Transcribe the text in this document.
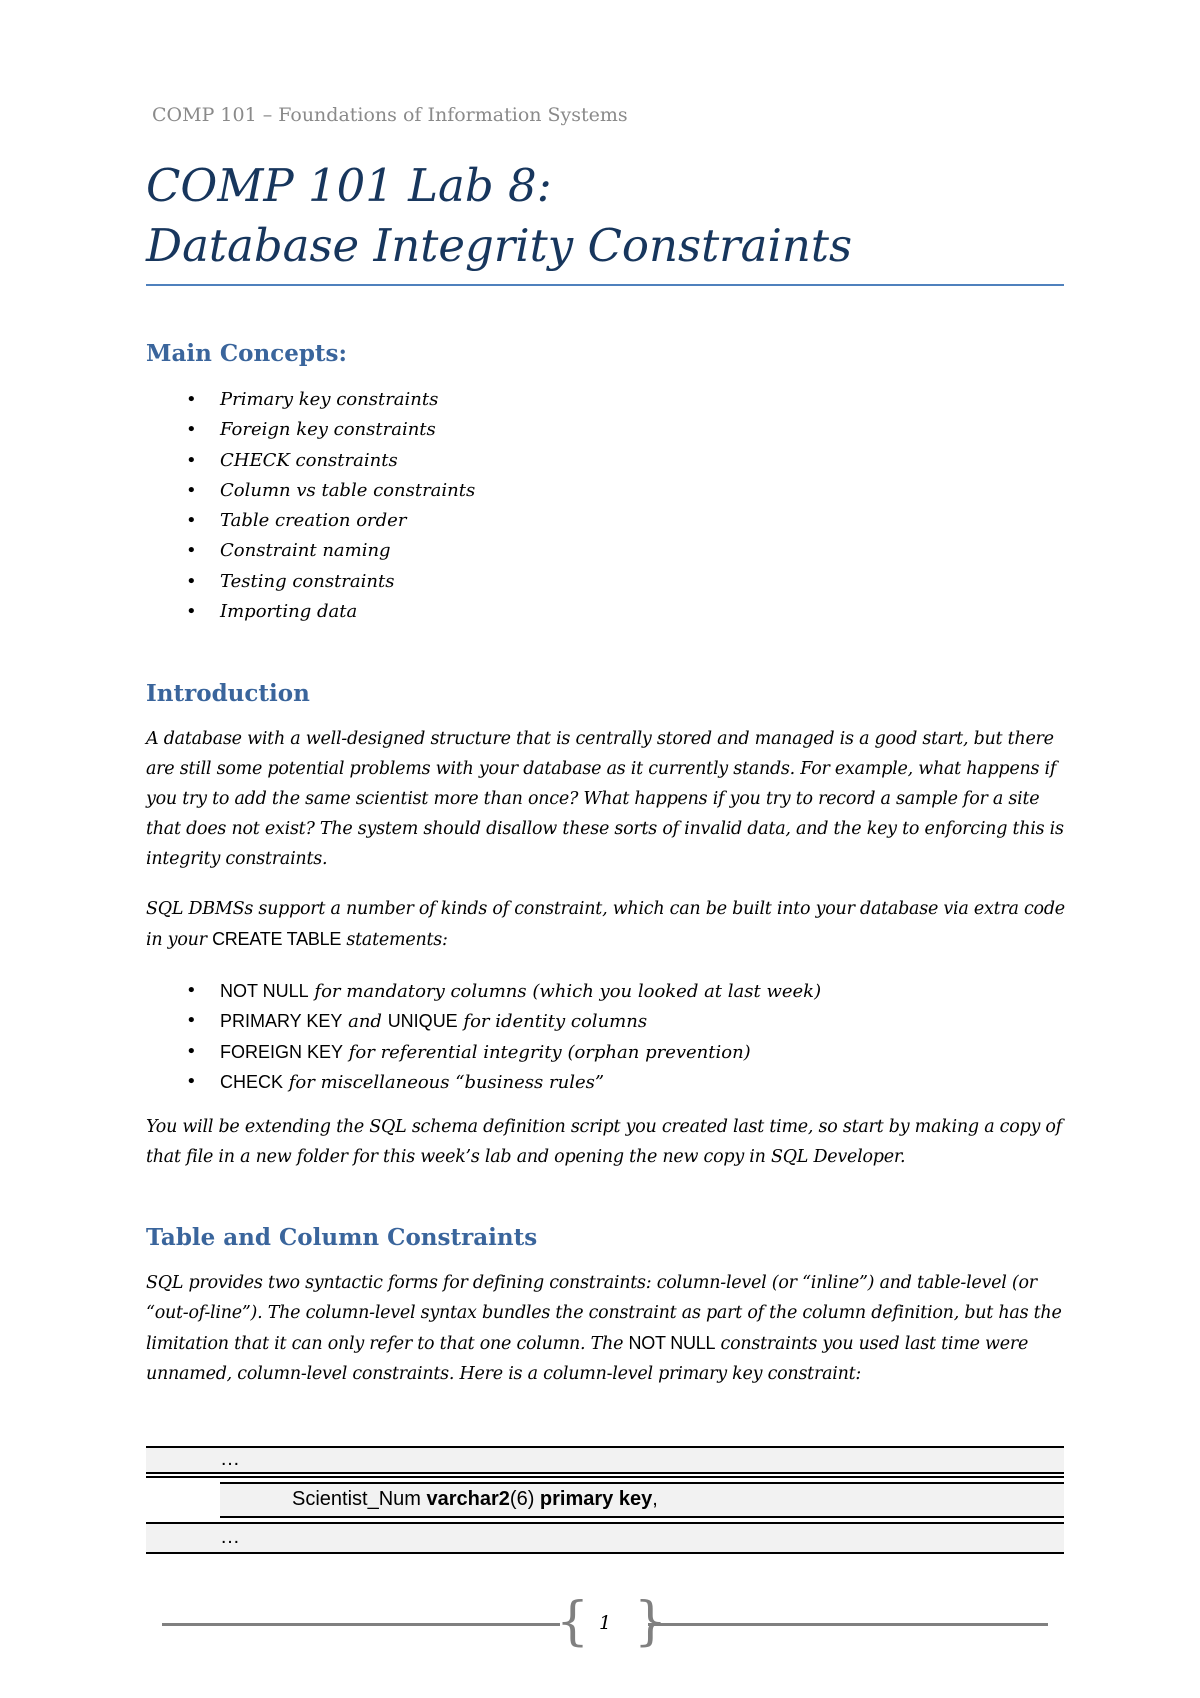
COMP 101 – Foundations of Information Systems
COMP 101 Lab 8:
Database Integrity Constraints
Main Concepts:
• Primary key constraints
• Foreign key constraints
• CHECK constraints
• Column vs table constraints
• Table creation order
• Constraint naming
• Testing constraints
• Importing data
Introduction

A database with a well-designed structure that is centrally stored and managed is a good start, but there are still some potential problems with your database as it currently stands. For example, what happens if you try to add the same scientist more than once? What happens if you try to record a sample for a site that does not exist? The system should disallow these sorts of invalid data, and the key to enforcing this is integrity constraints.

SQL DBMSs support a number of kinds of constraint, which can be built into your database via extra code in your CREATE TABLE statements:

• NOT NULL for mandatory columns (which you looked at last week)
• PRIMARY KEY and UNIQUE for identity columns
• FOREIGN KEY for referential integrity (orphan prevention)
• CHECK for miscellaneous “business rules”

You will be extending the SQL schema definition script you created last time, so start by making a copy of that file in a new folder for this week’s lab and opening the new copy in SQL Developer.

Table and Column Constraints

SQL provides two syntactic forms for defining constraints: column-level (or “inline”) and table-level (or “out-of-line”). The column-level syntax bundles the constraint as part of the column definition, but has the limitation that it can only refer to that one column. The NOT NULL constraints you used last time were unnamed, column-level constraints. Here is a column-level primary key constraint:

…
Scientist_Num varchar2(6) primary key,
…
{ 1 }
